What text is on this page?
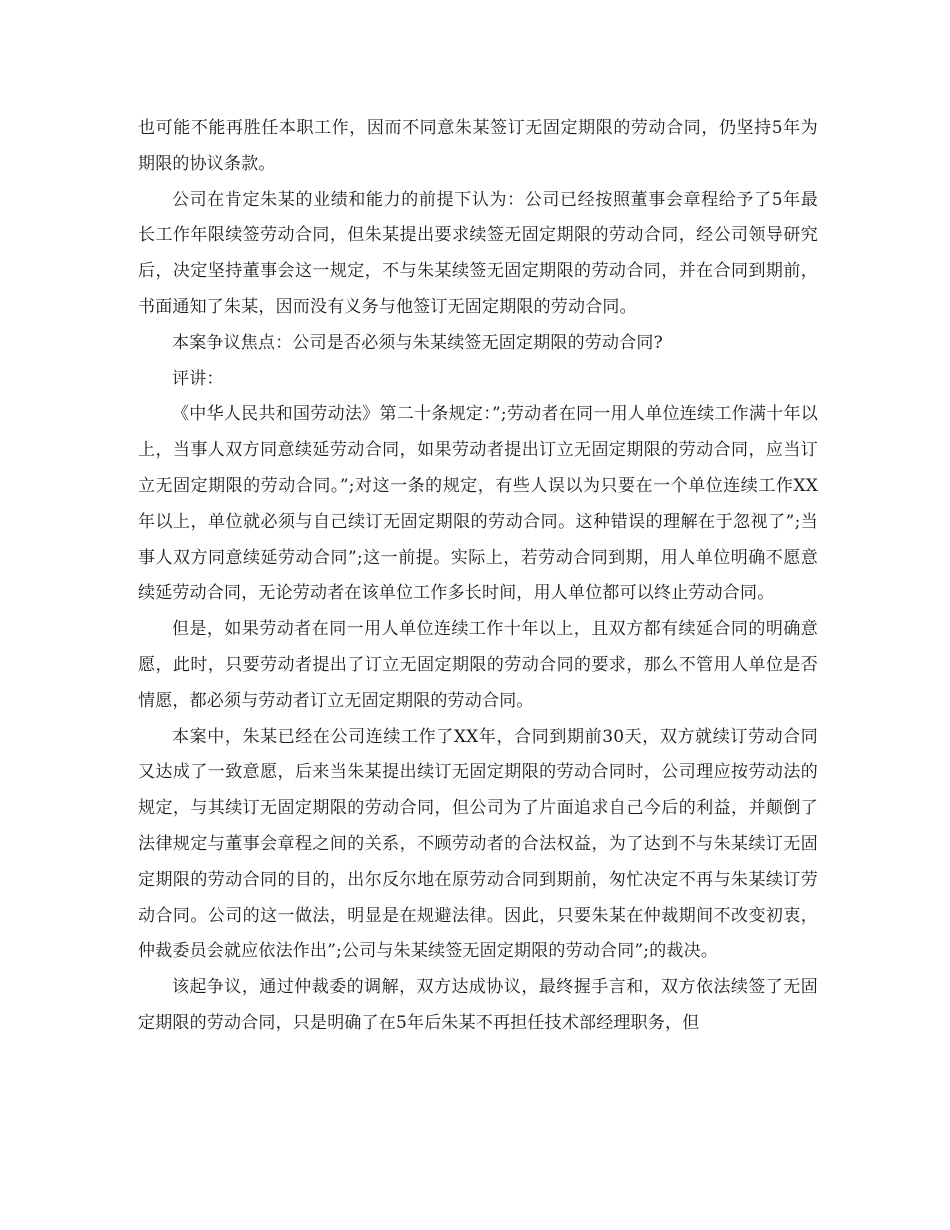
也可能不能再胜任本职工作，因而不同意朱某签订无固定期限的劳动合同，仍坚持5年为期限的协议条款。

公司在肯定朱某的业绩和能力的前提下认为：公司已经按照董事会章程给予了5年最长工作年限续签劳动合同，但朱某提出要求续签无固定期限的劳动合同，经公司领导研究后，决定坚持董事会这一规定，不与朱某续签无固定期限的劳动合同，并在合同到期前，书面通知了朱某，因而没有义务与他签订无固定期限的劳动合同。

本案争议焦点：公司是否必须与朱某续签无固定期限的劳动合同?

评讲：

《中华人民共和国劳动法》第二十条规定：”;劳动者在同一用人单位连续工作满十年以上，当事人双方同意续延劳动合同，如果劳动者提出订立无固定期限的劳动合同，应当订立无固定期限的劳动合同。”;对这一条的规定，有些人误以为只要在一个单位连续工作XX年以上，单位就必须与自己续订无固定期限的劳动合同。这种错误的理解在于忽视了”;当事人双方同意续延劳动合同”;这一前提。实际上，若劳动合同到期，用人单位明确不愿意续延劳动合同，无论劳动者在该单位工作多长时间，用人单位都可以终止劳动合同。

但是，如果劳动者在同一用人单位连续工作十年以上，且双方都有续延合同的明确意愿，此时，只要劳动者提出了订立无固定期限的劳动合同的要求，那么不管用人单位是否情愿，都必须与劳动者订立无固定期限的劳动合同。

本案中，朱某已经在公司连续工作了XX年，合同到期前30天，双方就续订劳动合同又达成了一致意愿，后来当朱某提出续订无固定期限的劳动合同时，公司理应按劳动法的规定，与其续订无固定期限的劳动合同，但公司为了片面追求自己今后的利益，并颠倒了法律规定与董事会章程之间的关系，不顾劳动者的合法权益，为了达到不与朱某续订无固定期限的劳动合同的目的，出尔反尔地在原劳动合同到期前，匆忙决定不再与朱某续订劳动合同。公司的这一做法，明显是在规避法律。因此，只要朱某在仲裁期间不改变初衷，仲裁委员会就应依法作出”;公司与朱某续签无固定期限的劳动合同”;的裁决。

该起争议，通过仲裁委的调解，双方达成协议，最终握手言和，双方依法续签了无固定期限的劳动合同，只是明确了在5年后朱某不再担任技术部经理职务，但
